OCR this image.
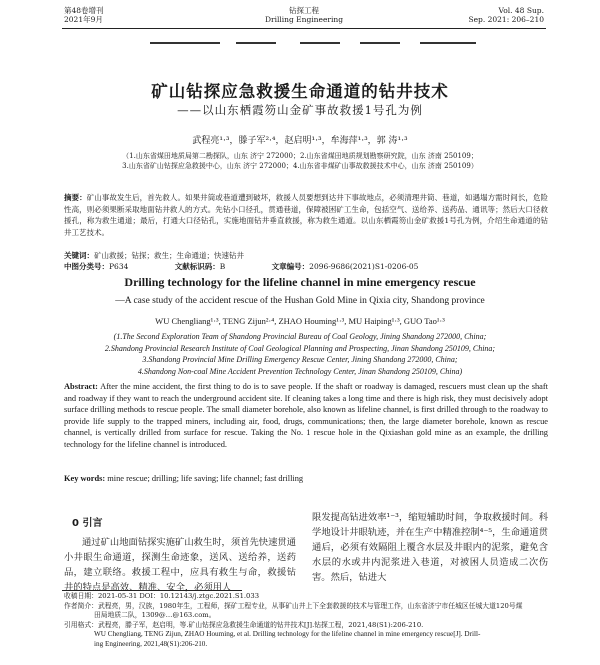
第48卷增刊
2021年9月
钻探工程
Drilling Engineering
Vol. 48 Sup.
Sep. 2021: 206–210
矿山钻探应急救援生命通道的钻井技术
——以山东栖霞笏山金矿事故救援1号孔为例
武程亮¹·³，滕子军²·⁴，赵启明¹·³，牟海萍¹·³，郭 涛¹·³
（1.山东省煤田地质局第二勘探队，山东 济宁 272000；2.山东省煤田地质规划勘察研究院，山东 济南 250109；
3.山东省矿山钻探应急救援中心，山东 济宁 272000；4.山东省非煤矿山事故救援技术中心，山东 济南 250109）
摘要：矿山事故发生后，首先救人。如果井筒或巷道遭到破坏，救援人员要想到达井下事故地点，必须清理井筒、巷道，如遇塌方需时间长，危险性高，则必须果断采取地面钻井救人的方式。先钻小口径孔，贯通巷道，保障被困矿工生命，包括空气、送给养、送药品、通讯等；然后大口径救援孔，称为救生通道；最后，打通大口径钻孔，实施地面钻井垂直救援，称为救生通道。以山东栖霞笏山金矿救援1号孔为例，介绍生命通道的钻井工艺技术。
关键词：矿山救援；钻探；救生；生命通道；快速钻井
中图分类号：P634	文献标识码：B	文章编号：2096-9686(2021)S1-0206-05
Drilling technology for the lifeline channel in mine emergency rescue
—A case study of the accident rescue of the Hushan Gold Mine in Qixia city, Shandong province
WU Chengliang¹·³, TENG Zijun²·⁴, ZHAO Houming¹·³, MU Haiping¹·³, GUO Tao¹·³
(1.The Second Exploration Team of Shandong Provincial Bureau of Coal Geology, Jining Shandong 272000, China;
2.Shandong Provincial Research Institute of Coal Geological Planning and Prospecting, Jinan Shandong 250109, China;
3.Shandong Provincial Mine Drilling Emergency Rescue Center, Jining Shandong 272000, China;
4.Shandong Non-coal Mine Accident Prevention Technology Center, Jinan Shandong 250109, China)
Abstract: After the mine accident, the first thing to do is to save people. If the shaft or roadway is damaged, rescuers must clean up the shaft and roadway if they want to reach the underground accident site. If cleaning takes a long time and there is high risk, they must decisively adopt surface drilling methods to rescue people. The small diameter borehole, also known as lifeline channel, is first drilled through to the roadway to provide life supply to the trapped miners, including air, food, drugs, communications; then, the large diameter borehole, known as rescue channel, is vertically drilled from surface for rescue. Taking the No. 1 rescue hole in the Qixiashan gold mine as an example, the drilling technology for the lifeline channel is introduced.
Key words: mine rescue; drilling; life saving; life channel; fast drilling
0 引言

通过矿山地面钻探实施矿山救生时，须首先快速贯通小井眼生命通道，探测生命迹象，送风、送给养，送药品，建立联络。救援工程中，应具有救生与命，救援钻井的特点是高效、精准、安全，必须用人

限发提高钻进效率¹⁻³，缩短辅助时间，争取救援时间。科学地设计井眼轨迹，并在生产中精准控制⁴⁻⁵，生命通道贯通后，必须有效隔阻上覆含水层及井眼内的泥浆，避免含水层的水或井内泥浆进入巷道，对被困人员造成二次伤害。然后，钻进大

收稿日期：2021-05-31 DOI：10.12143/j.ztgc.2021.S1.033

作者简介：武程亮，男，汉族，1980年生，工程师，探矿工程专业，从事矿山井上下全套救援的技术与管理工作，山东省济宁市任城区任城大道120号煤

田局地质二队，1309@…@163.com。

引用格式：武程亮，滕子军，赵启明，等.矿山钻探应急救援生命通道的钻井技术[J].钻探工程，2021,48(S1):206-210.

WU Chengliang, TENG Zijun, ZHAO Houming, et al. Drilling technology for the lifeline channel in mine emergency rescue[J]. Drill-

ing Engineering, 2021,48(S1):206-210.
